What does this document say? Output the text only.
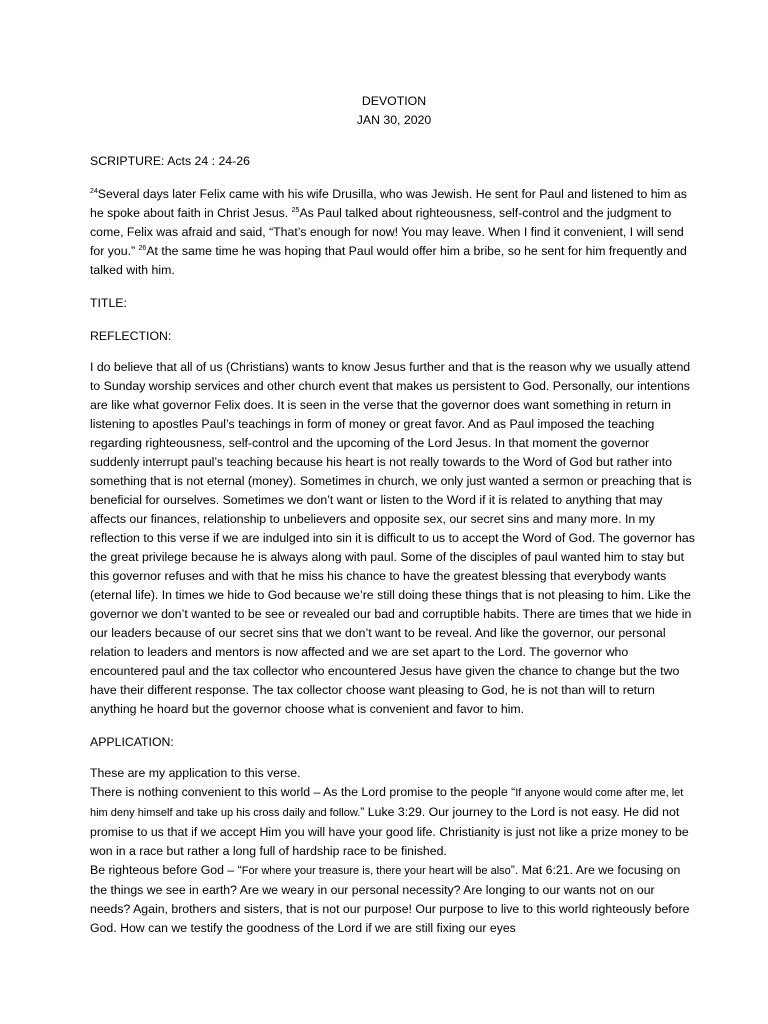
DEVOTION
JAN 30, 2020
SCRIPTURE: Acts 24 : 24-26

$^{24}$Several days later Felix came with his wife Drusilla, who was Jewish. He sent for Paul and listened to him as he spoke about faith in Christ Jesus. $^{25}$As Paul talked about righteousness, self-control and the judgment to come, Felix was afraid and said, “That’s enough for now! You may leave. When I find it convenient, I will send for you.” $^{26}$At the same time he was hoping that Paul would offer him a bribe, so he sent for him frequently and talked with him.

TITLE:
REFLECTION:

I do believe that all of us (Christians) wants to know Jesus further and that is the reason why we usually attend to Sunday worship services and other church event that makes us persistent to God. Personally, our intentions are like what governor Felix does. It is seen in the verse that the governor does want something in return in listening to apostles Paul’s teachings in form of money or great favor. And as Paul imposed the teaching regarding righteousness, self-control and the upcoming of the Lord Jesus. In that moment the governor suddenly interrupt paul’s teaching because his heart is not really towards to the Word of God but rather into something that is not eternal (money). Sometimes in church, we only just wanted a sermon or preaching that is beneficial for ourselves. Sometimes we don’t want or listen to the Word if it is related to anything that may affects our finances, relationship to unbelievers and opposite sex, our secret sins and many more. In my reflection to this verse if we are indulged into sin it is difficult to us to accept the Word of God. The governor has the great privilege because he is always along with paul. Some of the disciples of paul wanted him to stay but this governor refuses and with that he miss his chance to have the greatest blessing that everybody wants (eternal life). In times we hide to God because we’re still doing these things that is not pleasing to him. Like the governor we don’t wanted to be see or revealed our bad and corruptible habits. There are times that we hide in our leaders because of our secret sins that we don’t want to be reveal. And like the governor, our personal relation to leaders and mentors is now affected and we are set apart to the Lord. The governor who encountered paul and the tax collector who encountered Jesus have given the chance to change but the two have their different response. The tax collector choose want pleasing to God, he is not than will to return anything he hoard but the governor choose what is convenient and favor to him.

APPLICATION:

These are my application to this verse.
There is nothing convenient to this world – As the Lord promise to the people “If anyone would come after me, let him deny himself and take up his cross daily and follow.” Luke 3:29. Our journey to the Lord is not easy. He did not promise to us that if we accept Him you will have your good life. Christianity is just not like a prize money to be won in a race but rather a long full of hardship race to be finished.
Be righteous before God – “For where your treasure is, there your heart will be also”. Mat 6:21. Are we focusing on the things we see in earth? Are we weary in our personal necessity? Are longing to our wants not on our needs? Again, brothers and sisters, that is not our purpose! Our purpose to live to this world righteously before God. How can we testify the goodness of the Lord if we are still fixing our eyes
